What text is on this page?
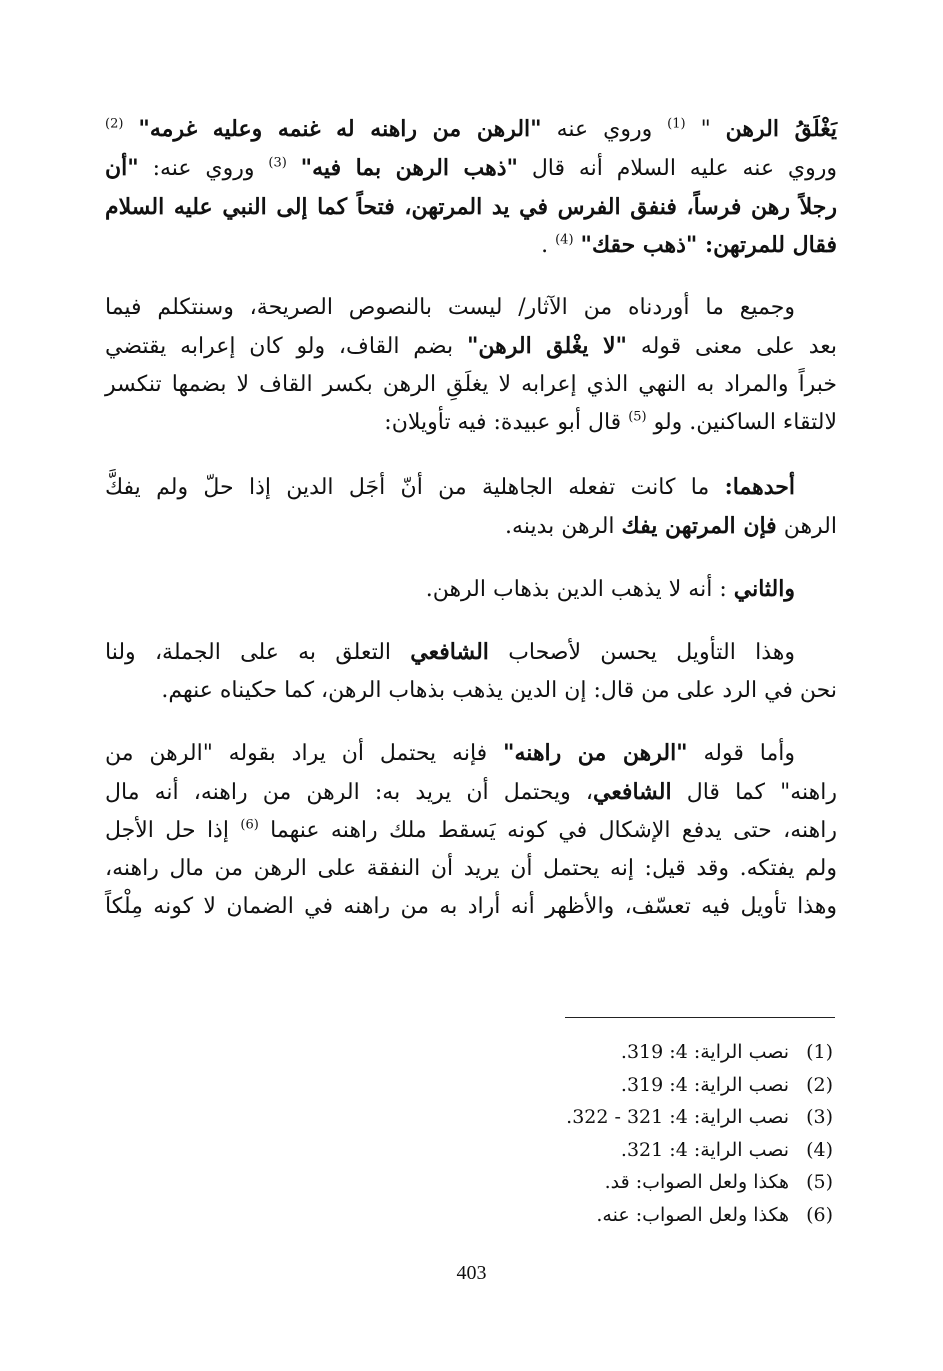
يَغْلَقُ الرهن " $^{(1)}$ وروي عنه "الرهن من راهنه له غنمه وعليه غرمه" $^{(2)}$
وروي عنه عليه السلام أنه قال "ذهب الرهن بما فيه" $^{(3)}$ وروي عنه: "أن
رجلاً رهن فرساً، فنفق الفرس في يد المرتهن، فتحاً كما إلى النبي عليه السلام
فقال للمرتهن: "ذهب حقك" $^{(4)}$ .

وجميع ما أوردناه من الآثار/ ليست بالنصوص الصريحة، وسنتكلم فيما
بعد على معنى قوله "لا يغْلق الرهن" بضم القاف، ولو كان إعرابه يقتضي
خبراً والمراد به النهي الذي إعرابه لا يغلَقِ الرهن بكسر القاف لا بضمها تنكسر
لالتقاء الساكنين. ولو $^{(5)}$ قال أبو عبيدة: فيه تأويلان:

أحدهما: ما كانت تفعله الجاهلية من أنّ أجَل الدين إذا حلّ ولم يفكَّ
الرهن فإن المرتهن يفك الرهن بدينه.

والثاني : أنه لا يذهب الدين بذهاب الرهن.

وهذا التأويل يحسن لأصحاب الشافعي التعلق به على الجملة، ولنا
نحن في الرد على من قال: إن الدين يذهب بذهاب الرهن، كما حكيناه عنهم.

وأما قوله "الرهن من راهنه" فإنه يحتمل أن يراد بقوله "الرهن من
راهنه" كما قال الشافعي، ويحتمل أن يريد به: الرهن من راهنه، أنه مال
راهنه، حتى يدفع الإشكال في كونه يَسقط ملك راهنه عنهما $^{(6)}$ إذا حل الأجل
ولم يفتكه. وقد قيل: إنه يحتمل أن يريد أن النفقة على الرهن من مال راهنه،
وهذا تأويل فيه تعسّف، والأظهر أنه أراد به من راهنه في الضمان لا كونه مِلْكاً

(1)نصب الراية: 4: 319.
(2)نصب الراية: 4: 319.
(3)نصب الراية: 4: 321 - 322.
(4)نصب الراية: 4: 321.
(5)هكذا ولعل الصواب: قد.
(6)هكذا ولعل الصواب: عنه.
403
